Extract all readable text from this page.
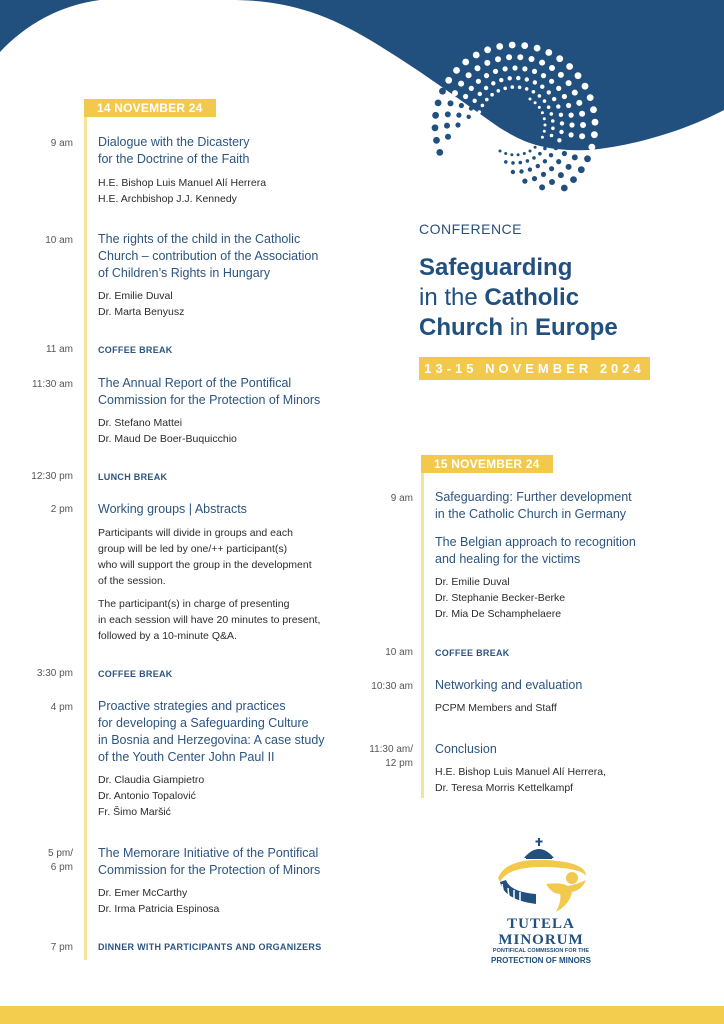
CONFERENCE
Safeguarding
in the Catholic
Church in Europe
13-15 NOVEMBER 2024
14 NOVEMBER 24
9 am Dialogue with the Dicastery
for the Doctrine of the Faith
H.E. Bishop Luis Manuel Alí Herrera
H.E. Archbishop J.J. Kennedy
10 am The rights of the child in the Catholic
Church – contribution of the Association
of Children’s Rights in Hungary
Dr. Emilie Duval
Dr. Marta Benyusz
11 am	COFFEE BREAK
11:30 am The Annual Report of the Pontifical
Commission for the Protection of Minors
Dr. Stefano Mattei
Dr. Maud De Boer-Buquicchio
12:30 pm	LUNCH BREAK
2 pm Working groups | Abstracts
Participants will divide in groups and each
group will be led by one/++ participant(s)
who will support the group in the development
of the session.
The participant(s) in charge of presenting
in each session will have 20 minutes to present,
followed by a 10-minute Q&A.
3:30 pm	COFFEE BREAK
4 pm Proactive strategies and practices
for developing a Safeguarding Culture
in Bosnia and Herzegovina: A case study
of the Youth Center John Paul II
Dr. Claudia Giampietro
Dr. Antonio Topalović
Fr. Šimo Maršić
5 pm/
6 pm
The Memorare Initiative of the Pontifical
Commission for the Protection of Minors
Dr. Emer McCarthy
Dr. Irma Patricia Espinosa
7 pm	DINNER WITH PARTICIPANTS AND ORGANIZERS
15 NOVEMBER 24
9 am Safeguarding: Further development
in the Catholic Church in Germany
The Belgian approach to recognition
and healing for the victims
Dr. Emilie Duval
Dr. Stephanie Becker-Berke
Dr. Mia De Schamphelaere
10 am COFFEE BREAK
10:30 am Networking and evaluation
PCPM Members and Staff
11:30 am/
12 pm
Conclusion
H.E. Bishop Luis Manuel Alí Herrera,
Dr. Teresa Morris Kettelkampf
TUTELA
MINORUM
PONTIFICAL COMMISSION FOR THE
PROTECTION OF MINORS
